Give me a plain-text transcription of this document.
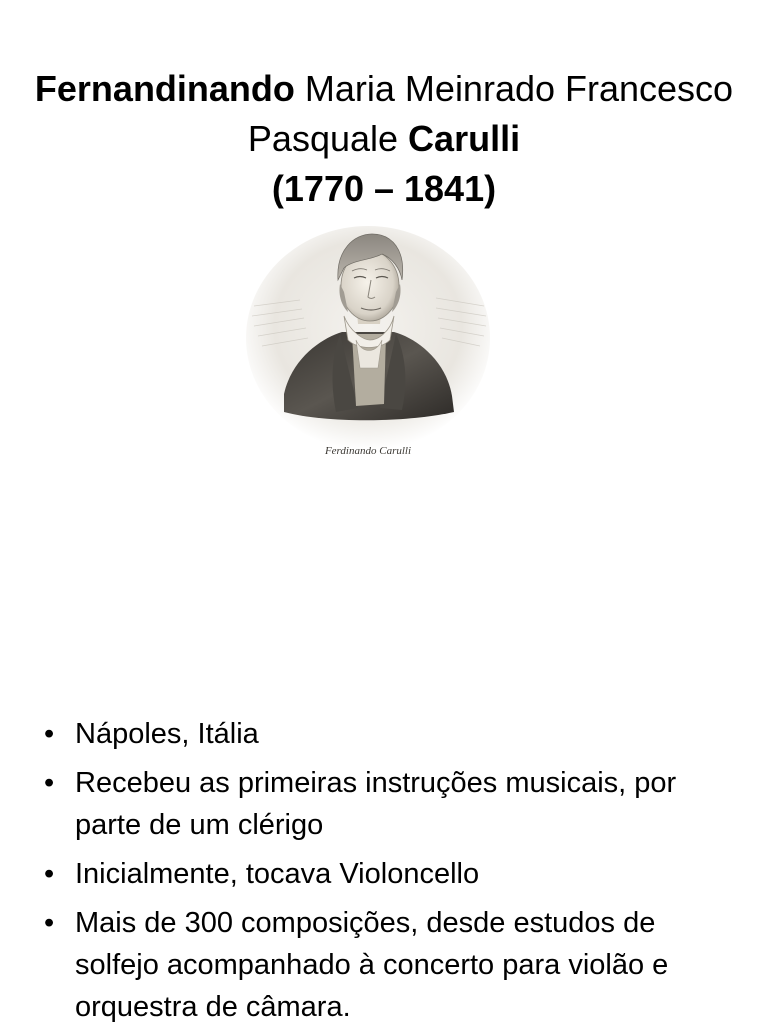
Fernandinando Maria Meinrado Francesco
Pasquale Carulli
(1770 – 1841)
Ferdinando Carulli
• Nápoles, Itália
• Recebeu as primeiras instruções musicais, por parte de um clérigo
• Inicialmente, tocava Violoncello
• Mais de 300 composições, desde estudos de solfejo acompanhado à concerto para violão e orquestra de câmara.
